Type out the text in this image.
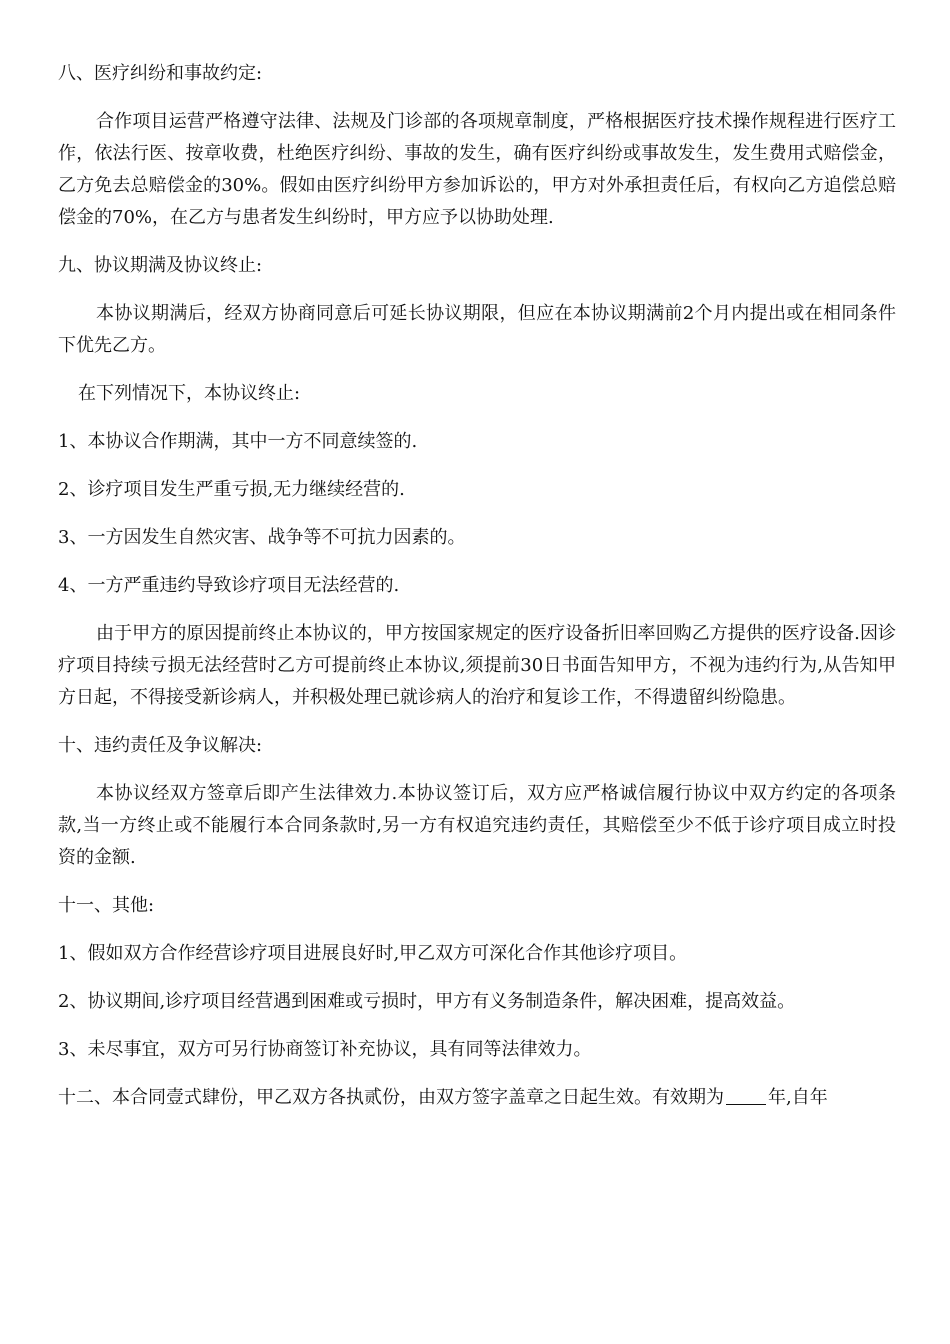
八、医疗纠纷和事故约定:

合作项目运营严格遵守法律、法规及门诊部的各项规章制度，严格根据医疗技术操作规程进行医疗工作，依法行医、按章收费，杜绝医疗纠纷、事故的发生，确有医疗纠纷或事故发生，发生费用式赔偿金，乙方免去总赔偿金的30%。假如由医疗纠纷甲方参加诉讼的，甲方对外承担责任后，有权向乙方追偿总赔偿金的70%，在乙方与患者发生纠纷时，甲方应予以协助处理.

九、协议期满及协议终止:

本协议期满后，经双方协商同意后可延长协议期限，但应在本协议期满前2个月内提出或在相同条件下优先乙方。

在下列情况下，本协议终止:

1、本协议合作期满，其中一方不同意续签的.

2、诊疗项目发生严重亏损,无力继续经营的.

3、一方因发生自然灾害、战争等不可抗力因素的。

4、一方严重违约导致诊疗项目无法经营的.

由于甲方的原因提前终止本协议的，甲方按国家规定的医疗设备折旧率回购乙方提供的医疗设备.因诊疗项目持续亏损无法经营时乙方可提前终止本协议,须提前30日书面告知甲方，不视为违约行为,从告知甲方日起，不得接受新诊病人，并积极处理已就诊病人的治疗和复诊工作，不得遗留纠纷隐患。

十、违约责任及争议解决:

本协议经双方签章后即产生法律效力.本协议签订后，双方应严格诚信履行协议中双方约定的各项条款,当一方终止或不能履行本合同条款时,另一方有权追究违约责任，其赔偿至少不低于诊疗项目成立时投资的金额.

十一、其他:

1、假如双方合作经营诊疗项目进展良好时,甲乙双方可深化合作其他诊疗项目。

2、协议期间,诊疗项目经营遇到困难或亏损时，甲方有义务制造条件，解决困难，提高效益。

3、未尽事宜，双方可另行协商签订补充协议，具有同等法律效力。

十二、本合同壹式肆份，甲乙双方各执贰份，由双方签字盖章之日起生效。有效期为 年,自年
